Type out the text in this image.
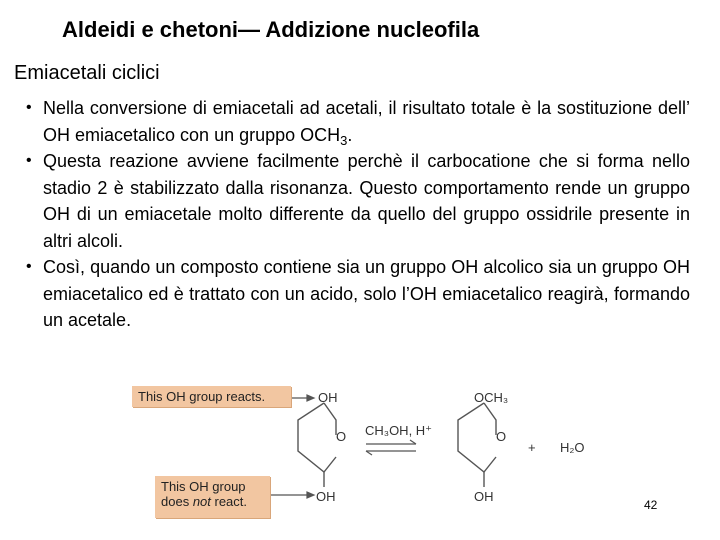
Aldeidi e chetoni— Addizione nucleofila
Emiacetali ciclici
• Nella conversione di emiacetali ad acetali, il risultato totale è la sostituzione dell’ OH emiacetalico con un gruppo $OCH_3$.
• Questa reazione avviene facilmente perchè il carbocatione che si forma nello stadio 2 è stabilizzato dalla risonanza. Questo comportamento rende un gruppo OH di un emiacetale molto differente da quello del gruppo ossidrile presente in altri alcoli.
• Così, quando un composto contiene sia un gruppo OH alcolico sia un gruppo OH emiacetalico ed è trattato con un acido, solo l’OH emiacetalico reagirà, formando un acetale.
OH
O
OH
CH₃OH, H⁺
OCH₃
O
OH
+ H₂O
This OH group reacts.
This OH group
does not react.	42
